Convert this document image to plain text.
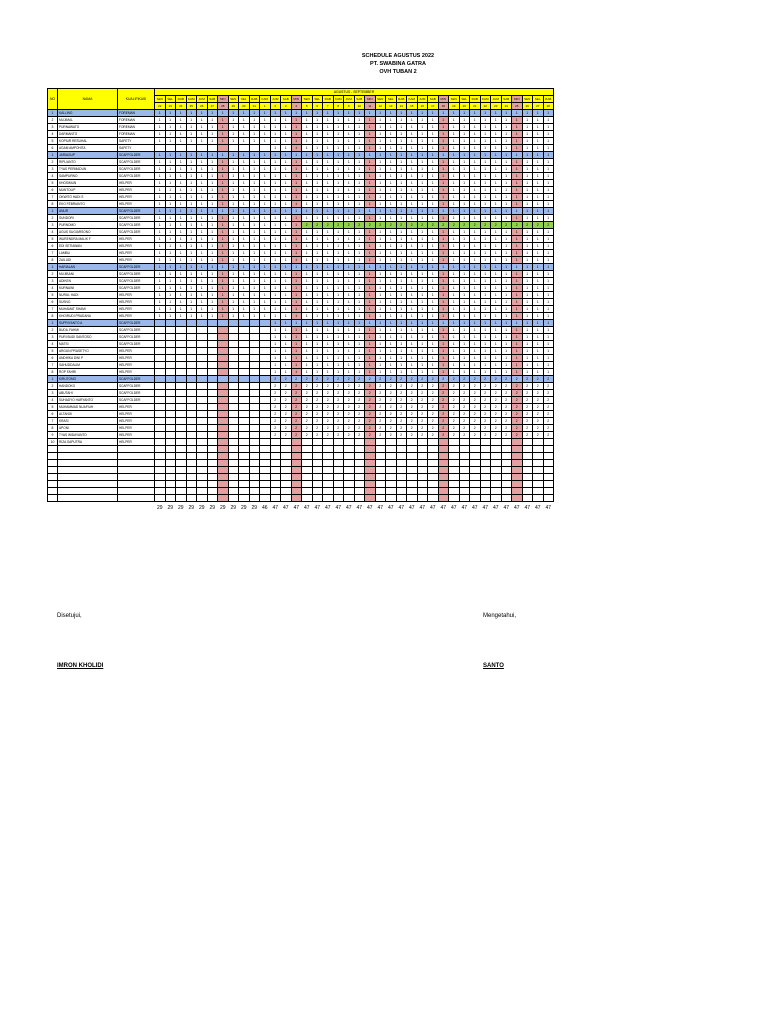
SCHEDULE AGUSTUS 2022
PT. SWABINA GATRA
OVH TUBAN 2
NO	NAMA	KUALIFIKASI	AGUSTUS - SEPTEMBER																																					
			SEN	SEL	RAB	KAM	JUM	SAB	MIN	SEN	SEL	RAB	KAM	JUM	SAB	MIN	SEN	SEL	RAB	KAM	JUM	SAB	MIN	SEN	SEL	RAB	KAM	JUM	SAB	MIN	SEN	SEL	RAB	KAM	JUM	SAB	MIN	SEN	SEL	RAB
			22	23	24	25	26	27	28	29	30	31	1	2	3	4	5	6	7	8	9	10	11	12	13	14	15	16	17	18	19	20	21	22	23	24	25	26	27	28
1	KALLING	FOREMAN	1	1	1	1	1	1	1	1	1	1	1	1	1	1	1	1	1	1	1	1	1	1	1	1	1	1	1	1	1	1	1	1	1	1	1	1	1	1
2	MUJIMAL	FOREMAN	1	1	1	1	1	1	1	1	1	1	1	1	1	1	1	1	1	1	1	1	1	1	1	1	1	1	1	1	1	1	1	1	1	1	1	1	1	1
3	PURNAWATO	FOREMAN	1	1	1	1	1	1	1	1	1	1	1	1	1	1	1	1	1	1	1	1	1	1	1	1	1	1	1	1	1	1	1	1	1	1	1	1	1	1
4	DARMANTO	FOREMAN	1	1	1	1	1	1	1	1	1	1	1	1	1	1	1	1	1	1	1	1	1	1	1	1	1	1	1	1	1	1	1	1	1	1	1	1	1	1
5	KOPIUR RESUHAL	SAFETY	1	1	1	1	1	1	1	1	1	1	1	1	1	1	1	1	1	1	1	1	1	1	1	1	1	1	1	1	1	1	1	1	1	1	1	1	1	1
6	AGAM AMPOHITA	SAFETY												1	1	1	1	1	1	1	1	1	1	1	1	1	1	1	1	1	1	1	1	1	1	1	1	1	1	1
1	JARIAGUP	SCAFFOLDER	1	1	1	1	1	1	1	1	1	1	1	1	1	1	1	1	1	1	1	1	1	1	1	1	1	1	1	1	1	1	1	1	1	1	1	1	1	1
2	RIPLIANTO	SCAFFOLDER	1	1	1	1	1	1	1	1	1	1	1	1	1	1	1	1	1	1	1	1	1	1	1	1	1	1	1	1	1	1	1	1	1	1	1	1	1	1
3	TYAS PERMADUN	SCAFFOLDER	1	1	1	1	1	1	1	1	1	1	1	1	1	1	1	1	1	1	1	1	1	1	1	1	1	1	1	1	1	1	1	1	1	1	1	1	1	1
4	SAMPURNO	SCAFFOLDER	1	1	1	1	1	1	1	1	1	1	1	1	1	1	1	1	1	1	1	1	1	1	1	1	1	1	1	1	1	1	1	1	1	1	1	1	1	1
5	KHOSIMUN	HELPER	1	1	1	1	1	1	1	1	1	1	1	1	1	1	1	1	1	1	1	1	1	1	1	1	1	1	1	1	1	1	1	1	1	1	1	1	1	1
6	MUNTOLIP	HELPER	1	1	1	1	1	1	1	1	1	1	1	1	1	1	1	1	1	1	1	1	1	1	1	1	1	1	1	1	1	1	1	1	1	1	1	1	1	1
7	OKWITO HADI S	HELPER	1	1	1	1	1	1	1	1	1	1	1	1	1	1	1	1	1	1	1	1	1	1	1	1	1	1	1	1	1	1	1	1	1	1	1	1	1	1
8	EKO FEBRIANTO	HELPER	1	1	1	1	1	1	1	1	1	1	1	1	1	1	1	1	1	1	1	1	1	1	1	1	1	1	1	1	1	1	1	1	1	1	1	1	1	1
1	ANUR	SCAFFOLDER	1	1	1	1	1	1	1	1	1	1	1	1	1	1	1	1	1	1	1	1	1	1	1	1	1	1	1	1	1	1	1	1	1	1	1	1	1	1
2	SUNDORI	SCAFFOLDER	1	1	1	1	1	1	1	1	1	1	1	1	1	1	1	1	1	1	1	1	1	1	1	1	1	1	1	1	1	1	1	1	1	1	1	1	1	1
3	PURNOMO	SCAFFOLDER	1	1	1	1	1	1	1	1	1	1	1	1	1	1	2	2	2	2	2	2	2	2	2	2	2	2	2	2	2	2	2	2	2	2	2	2	2	2
4	AGUS SUGIARSONO	SCAFFOLDER	1	1	1	1	1	1	1	1	1	1	1	1	1	1	1	1	1	1	1	1	1	1	1	1	1	1	1	1	1	1	1	1	1	1	1	1	1	1
5	WURENDRA MALIK F	HELPER	1	1	1	1	1	1	1	1	1	1	1	1	1	1	1	1	1	1	1	1	1	1	1	1	1	1	1	1	1	1	1	1	1	1	1	1	1	1
6	EDI SETIAWAN	HELPER	1	1	1	1	1	1	1	1	1	1	1	1	1	1	1	1	1	1	1	1	1	1	1	1	1	1	1	1	1	1	1	1	1	1	1	1	1	1
7	LAMBU	HELPER	1	1	1	1	1	1	1	1	1	1	1	1	1	1	1	1	1	1	1	1	1	1	1	1	1	1	1	1	1	1	1	1	1	1	1	1	1	1
8	ZAILUDI	HELPER	1	1	1	1	1	1	1	1	1	1	1	1	1	1	1	1	1	1	1	1	1	1	1	1	1	1	1	1	1	1	1	1	1	1	1	1	1	1
1	HARIALAN	SCAFFOLDER	1	1	1	1	1	1	1	1	1	1	1	1	1	1	1	1	1	1	1	1	1	1	1	1	1	1	1	1	1	1	1	1	1	1	1	1	1	1
2	MUJIBANI	SCAFFOLDER	1	1	1	1	1	1	1	1	1	1	1	1	1	1	1	1	1	1	1	1	1	1	1	1	1	1	1	1	1	1	1	1	1	1	1	1	1	1
3	ADIKEN	SCAFFOLDER	1	1	1	1	1	1	1	1	1	1	1	1	1	1	1	1	1	1	1	1	1	1	1	1	1	1	1	1	1	1	1	1	1	1	1	1	1	1
4	KURNAINI	SCAFFOLDER	1	1	1	1	1	1	1	1	1	1	1	1	1	1	1	1	1	1	1	1	1	1	1	1	1	1	1	1	1	1	1	1	1	1	1	1	1	1
5	NURUL HADI	HELPER	1	1	1	1	1	1	1	1	1	1	1	1	1	1	1	1	1	1	1	1	1	1	1	1	1	1	1	1	1	1	1	1	1	1	1	1	1	1
6	SUSNO	HELPER	1	1	1	1	1	1	1	1	1	1	1	1	1	1	1	1	1	1	1	1	1	1	1	1	1	1	1	1	1	1	1	1	1	1	1	1	1	1
7	MUHAMAT SHAMI	HELPER	1	1	1	1	1	1	1	1	1	1	1	1	1	1	1	1	1	1	1	1	1	1	1	1	1	1	1	1	1	1	1	1	1	1	1	1	1	1
8	KHOIRUDI PRADANA	HELPER	1	1	1	1	1	1	1	1	1	1	1	1	1	1	1	1	1	1	1	1	1	1	1	1	1	1	1	1	1	1	1	1	1	1	1	1	1	1
1	SUPRIYANTO A	SCAFFOLDER												1	1	1	1	1	1	1	1	1	1	1	1	1	1	1	1	1	1	1	1	1	1	1	1	1	1	1
2	BUDIL FAHMI	SCAFFOLDER												1	1	1	1	1	1	1	1	1	1	1	1	1	1	1	1	1	1	1	1	1	1	1	1	1	1	1
3	PURI BUDI SANTOSO	SCAFFOLDER												1	1	1	1	1	1	1	1	1	1	1	1	1	1	1	1	1	1	1	1	1	1	1	1	1	1	1
4	MATSI	SCAFFOLDER												1	1	1	1	1	1	1	1	1	1	1	1	1	1	1	1	1	1	1	1	1	1	1	1	1	1	1
5	ARGUN PRASETYO	HELPER												1	1	1	1	1	1	1	1	1	1	1	1	1	1	1	1	1	1	1	1	1	1	1	1	1	1	1
6	ANDHIKA DWI P	HELPER												1	1	1	1	1	1	1	1	1	1	1	1	1	1	1	1	1	1	1	1	1	1	1	1	1	1	1
7	SAHUDDALIM	HELPER												1	1	1	1	1	1	1	1	1	1	1	1	1	1	1	1	1	1	1	1	1	1	1	1	1	1	1
8	ROP FAHRI	HELPER												1	1	1	1	1	1	1	1	1	1	1	1	1	1	1	1	1	1	1	1	1	1	1	1	1	1	1
1	KIRUTOMO	SCAFFOLDER												2	2	2	2	2	2	2	2	2	2	2	2	2	2	2	2	2	2	2	2	2	2	2	2	2	2	2
2	HANDOKO	SCAFFOLDER												2	2	2	2	2	2	2	2	2	2	2	2	2	2	2	2	2	2	2	2	2	2	2	2	2	2	2
3	ABUTAHI	SCAFFOLDER												2	2	2	2	2	2	2	2	2	2	2	2	2	2	2	2	2	2	2	2	2	2	2	2	2	2	2
4	SUHADYO HARYANTO	SCAFFOLDER												2	2	2	2	2	2	2	2	2	2	2	2	2	2	2	2	2	2	2	2	2	2	2	2	2	2	2
5	MUHAMMAD NUAFIUH	HELPER												2	2	2	2	2	2	2	2	2	2	2	2	2	2	2	2	2	2	2	2	2	2	2	2	2	2	2
6	ALTANGI	HELPER												2	2	2	2	2	2	2	2	2	2	2	2	2	2	2	2	2	2	2	2	2	2	2	2	2	2	2
7	KRASI	HELPER												2	2	2	2	2	2	2	2	2	2	2	2	2	2	2	2	2	2	2	2	2	2	2	2	2	2	2
8	APONI	HELPER												2	2	2	2	2	2	2	2	2	2	2	2	2	2	2	2	2	2	2	2	2	2	2	2	2	2	2
9	TYAS WIDAYANTO	HELPER												2	2	2	2	2	2	2	2	2	2	2	2	2	2	2	2	2	2	2	2	2	2	2	2	2	2	2
10	RIZA SAPUTRA	HELPER																																						

			29	29	29	29	29	29	29	29	29	29	46	47	47	47	47	47	47	47	47	47	47	47	47	47	47	47	47	47	47	47	47	47	47	47	47	47	47	47
Disetujui,
IMRON KHOLIDI
Mengetahui,
SANTO
